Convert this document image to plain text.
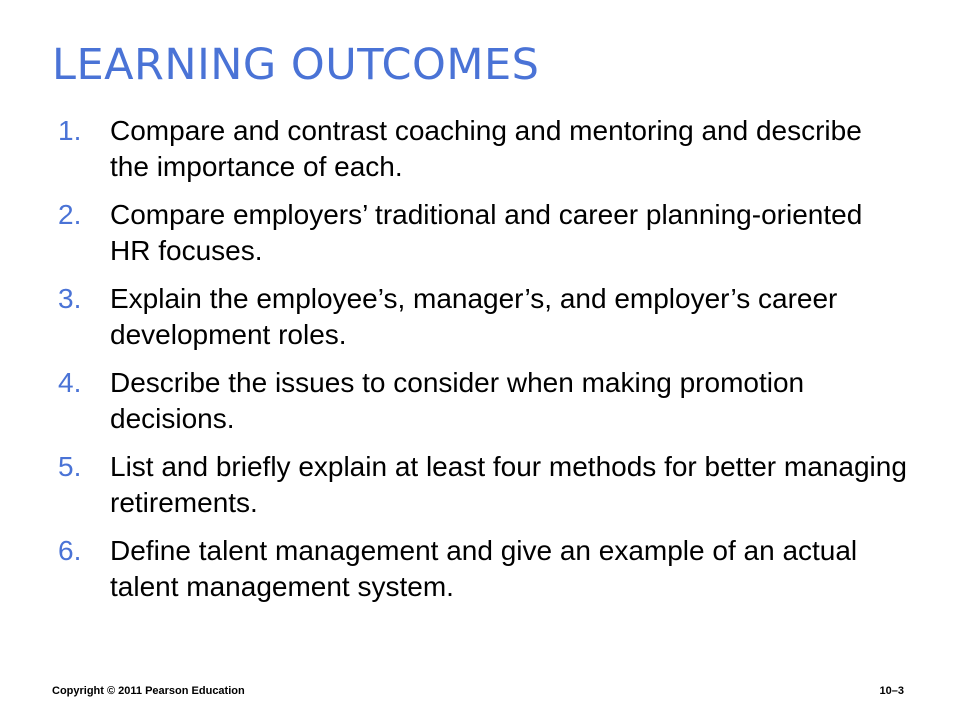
LEARNING OUTCOMES
1.	Compare and contrast coaching and mentoring and describe the importance of each.
2.	Compare employers’ traditional and career planning-oriented HR focuses.
3.	Explain the employee’s, manager’s, and employer’s career development roles.
4.	Describe the issues to consider when making promotion decisions.
5.	List and briefly explain at least four methods for better managing retirements.
6.	Define talent management and give an example of an actual talent management system.
Copyright © 2011 Pearson Education	10–3
